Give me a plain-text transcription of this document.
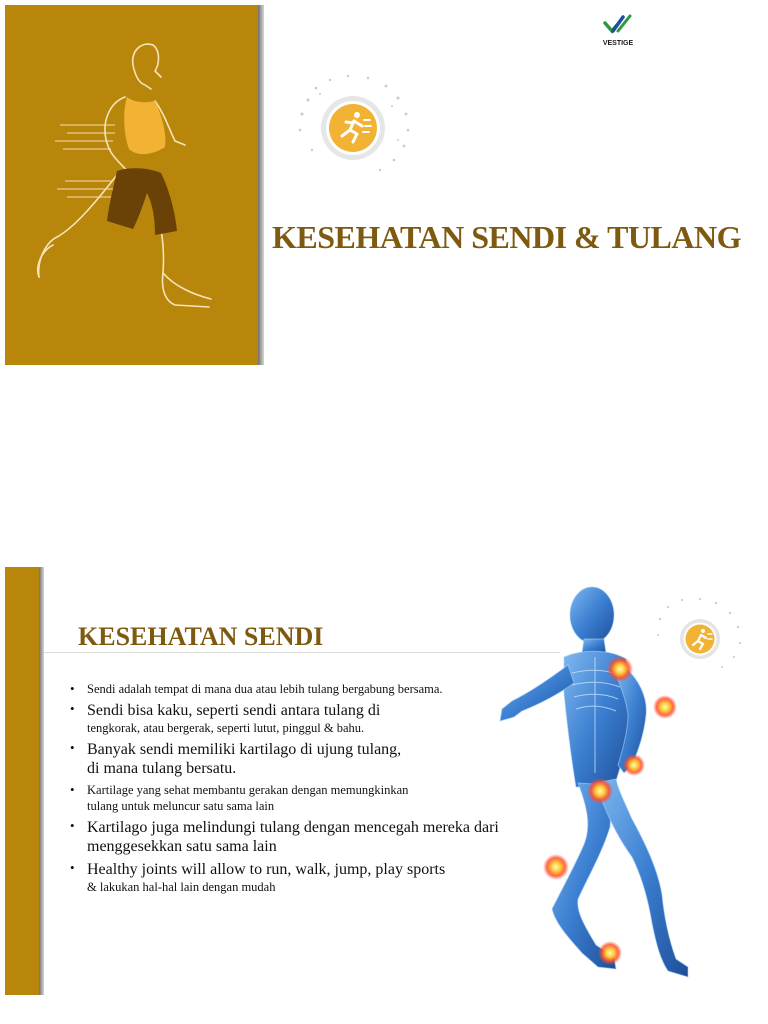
VESTIGE
KESEHATAN SENDI & TULANG
KESEHATAN SENDI
• Sendi adalah tempat di mana dua atau lebih tulang bergabung bersama.
• Sendi bisa kaku, seperti sendi antara tulang di
tengkorak, atau bergerak, seperti lutut, pinggul & bahu.
• Banyak sendi memiliki kartilago di ujung tulang,
di mana tulang bersatu.
• Kartilage yang sehat membantu gerakan dengan memungkinkan
tulang untuk meluncur satu sama lain
• Kartilago juga melindungi tulang dengan mencegah mereka dari
menggesekkan satu sama lain
• Healthy joints will allow to run, walk, jump, play sports
& lakukan hal-hal lain dengan mudah
